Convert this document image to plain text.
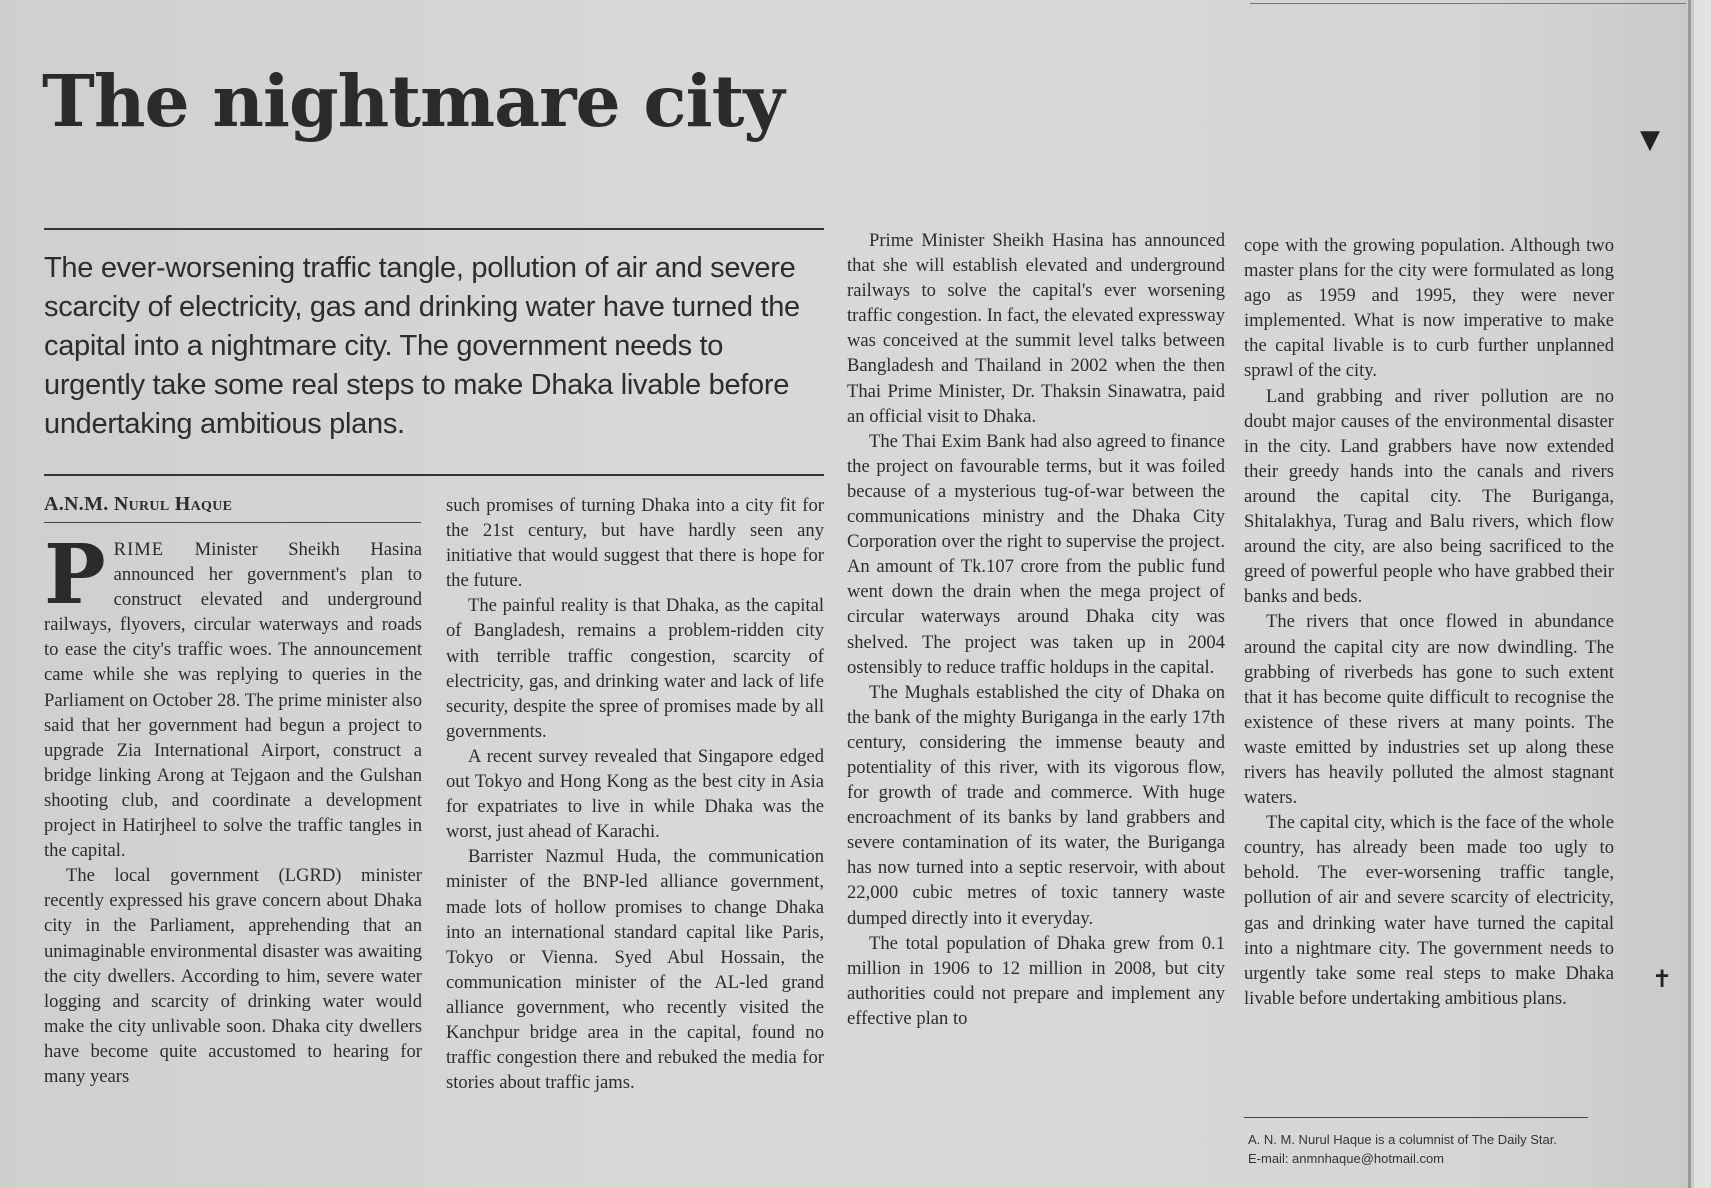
The nightmare city

The ever-worsening traffic tangle, pollution of air and severe scarcity of electricity, gas and drinking water have turned the capital into a nightmare city. The government needs to urgently take some real steps to make Dhaka livable before undertaking ambitious plans.

A.N.M. Nurul Haque

PRIME Minister Sheikh Hasina announced her government's plan to construct elevated and underground railways, flyovers, circular waterways and roads to ease the city's traffic woes. The announcement came while she was replying to queries in the Parliament on October 28. The prime minister also said that her government had begun a project to upgrade Zia International Airport, construct a bridge linking Arong at Tejgaon and the Gulshan shooting club, and coordinate a development project in Hatirjheel to solve the traffic tangles in the capital.

The local government (LGRD) minister recently expressed his grave concern about Dhaka city in the Parliament, apprehending that an unimaginable environmental disaster was awaiting the city dwellers. According to him, severe water logging and scarcity of drinking water would make the city unlivable soon. Dhaka city dwellers have become quite accustomed to hearing for many years

such promises of turning Dhaka into a city fit for the 21st century, but have hardly seen any initiative that would suggest that there is hope for the future.

The painful reality is that Dhaka, as the capital of Bangladesh, remains a problem-ridden city with terrible traffic congestion, scarcity of electricity, gas, and drinking water and lack of life security, despite the spree of promises made by all governments.

A recent survey revealed that Singapore edged out Tokyo and Hong Kong as the best city in Asia for expatriates to live in while Dhaka was the worst, just ahead of Karachi.

Barrister Nazmul Huda, the communication minister of the BNP-led alliance government, made lots of hollow promises to change Dhaka into an international standard capital like Paris, Tokyo or Vienna. Syed Abul Hossain, the communication minister of the AL-led grand alliance government, who recently visited the Kanchpur bridge area in the capital, found no traffic congestion there and rebuked the media for stories about traffic jams.

Prime Minister Sheikh Hasina has announced that she will establish elevated and underground railways to solve the capital's ever worsening traffic congestion. In fact, the elevated expressway was conceived at the summit level talks between Bangladesh and Thailand in 2002 when the then Thai Prime Minister, Dr. Thaksin Sinawatra, paid an official visit to Dhaka.

The Thai Exim Bank had also agreed to finance the project on favourable terms, but it was foiled because of a mysterious tug-of-war between the communications ministry and the Dhaka City Corporation over the right to supervise the project. An amount of Tk.107 crore from the public fund went down the drain when the mega project of circular waterways around Dhaka city was shelved. The project was taken up in 2004 ostensibly to reduce traffic holdups in the capital.

The Mughals established the city of Dhaka on the bank of the mighty Buriganga in the early 17th century, considering the immense beauty and potentiality of this river, with its vigorous flow, for growth of trade and commerce. With huge encroachment of its banks by land grabbers and severe contamination of its water, the Buriganga has now turned into a septic reservoir, with about 22,000 cubic metres of toxic tannery waste dumped directly into it everyday.

The total population of Dhaka grew from 0.1 million in 1906 to 12 million in 2008, but city authorities could not prepare and implement any effective plan to

cope with the growing population. Although two master plans for the city were formulated as long ago as 1959 and 1995, they were never implemented. What is now imperative to make the capital livable is to curb further unplanned sprawl of the city.

Land grabbing and river pollution are no doubt major causes of the environmental disaster in the city. Land grabbers have now extended their greedy hands into the canals and rivers around the capital city. The Buriganga, Shitalakhya, Turag and Balu rivers, which flow around the city, are also being sacrificed to the greed of powerful people who have grabbed their banks and beds.

The rivers that once flowed in abundance around the capital city are now dwindling. The grabbing of riverbeds has gone to such extent that it has become quite difficult to recognise the existence of these rivers at many points. The waste emitted by industries set up along these rivers has heavily polluted the almost stagnant waters.

The capital city, which is the face of the whole country, has already been made too ugly to behold. The ever-worsening traffic tangle, pollution of air and severe scarcity of electricity, gas and drinking water have turned the capital into a nightmare city. The government needs to urgently take some real steps to make Dhaka livable before undertaking ambitious plans.

A. N. M. Nurul Haque is a columnist of The Daily Star.
E-mail: anmnhaque@hotmail.com
▼
✝
